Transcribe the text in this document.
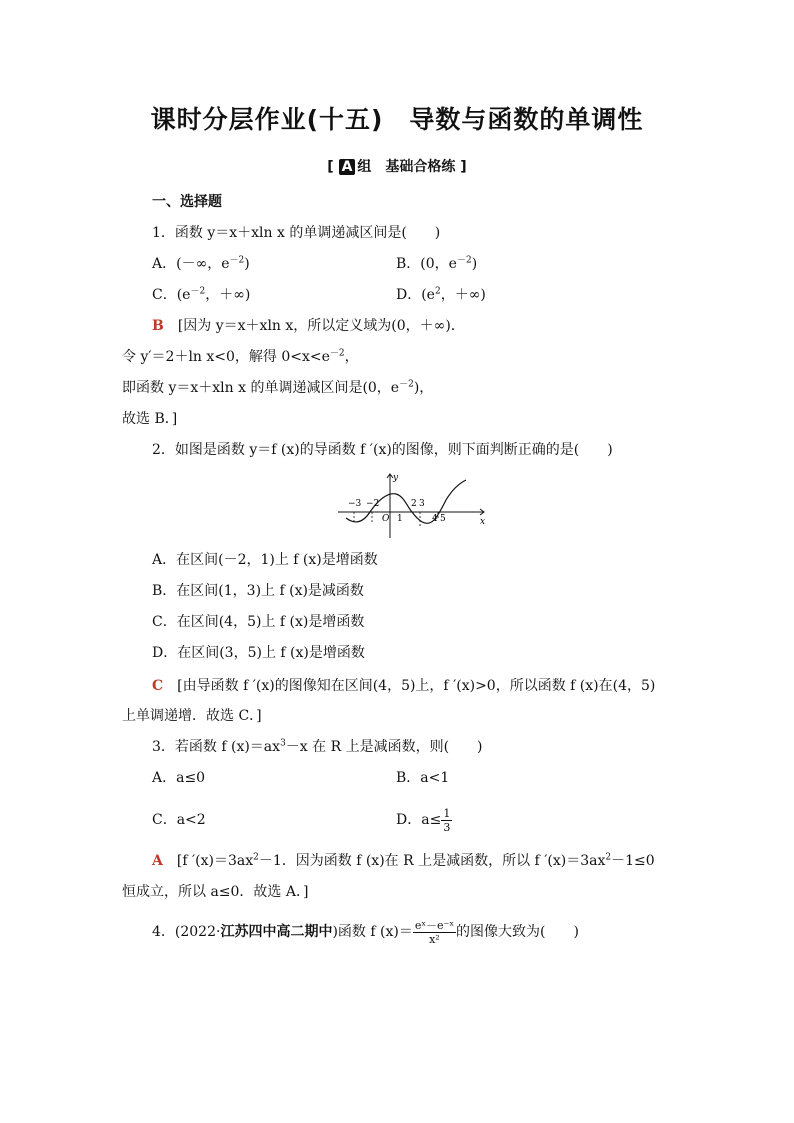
课时分层作业(十五)　导数与函数的单调性
[ A 组　基础合格练 ]
一、选择题
1．函数 y＝x＋xln x 的单调递减区间是(　　)
A．(－∞，$e^{-2}$)	B．(0，$e^{-2}$)
C．($e^{-2}$，＋∞)	D．($e^2$，＋∞)
B　 [因为 y＝x＋xln x，所以定义域为(0，＋∞)．
令 y′＝2＋ln x<0，解得 $0<x<e^{-2}$，
即函数 y＝x＋xln x 的单调递减区间是(0，$e^{-2}$)，
故选 B．]
2．如图是函数 y＝f (x)的导函数 f ′(x)的图像，则下面判断正确的是(　　)
y
x
O
−3 −2
1
2 3
4 5
A．在区间(－2，1)上 f (x)是增函数
B．在区间(1，3)上 f (x)是减函数
C．在区间(4，5)上 f (x)是增函数
D．在区间(3，5)上 f (x)是增函数
C　 [由导函数 f ′(x)的图像知在区间(4，5)上，f ′(x)>0，所以函数 f (x)在(4，5)
上单调递增．故选 C．]
3．若函数 f $(x)=ax^3-x$ 在 R 上是减函数，则(　　)
A．a≤0	B．a<1
C．a<2	D．$a\le \frac{1}{3}$
A　 [f $'(x)=3ax^2-1$．因为函数 f (x)在 R 上是减函数，所以 f $'(x)=3ax^2-1\le 0$
恒成立，所以 a≤0．故选 A．]
4．(2022·江苏四中高二期中)函数 f $(x)= \frac{\text{eˣ－e⁻ˣ}}{\text{x²}}$ 的图像大致为(　　)
